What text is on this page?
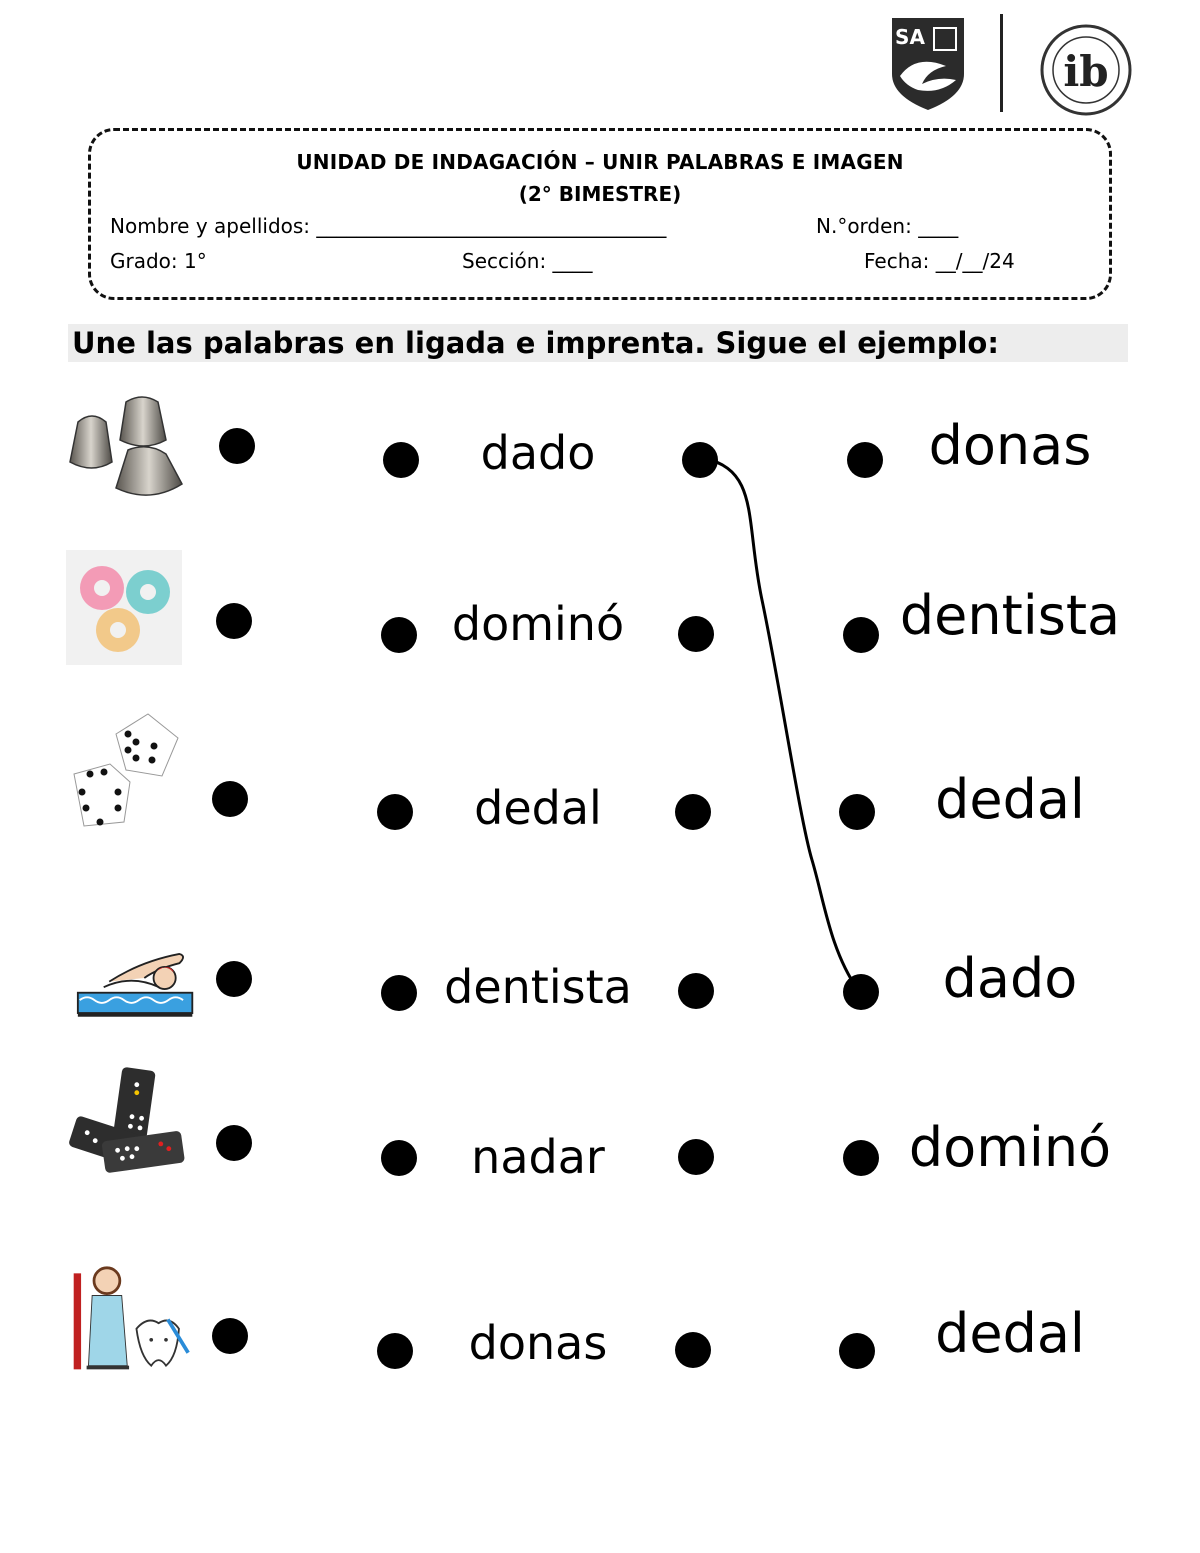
SA
ib
UNIDAD DE INDAGACIÓN – UNIR PALABRAS E IMAGEN
(2° BIMESTRE)
Nombre y apellidos: ___________________________________	N.°orden: ____
Grado: 1°	Sección: ____	Fecha: __/__/24
Une las palabras en ligada e imprenta. Sigue el ejemplo:
dado	donas
dominó	dentista
dedal	dedal
dentista	dado
nadar	dominó
donas	dedal
